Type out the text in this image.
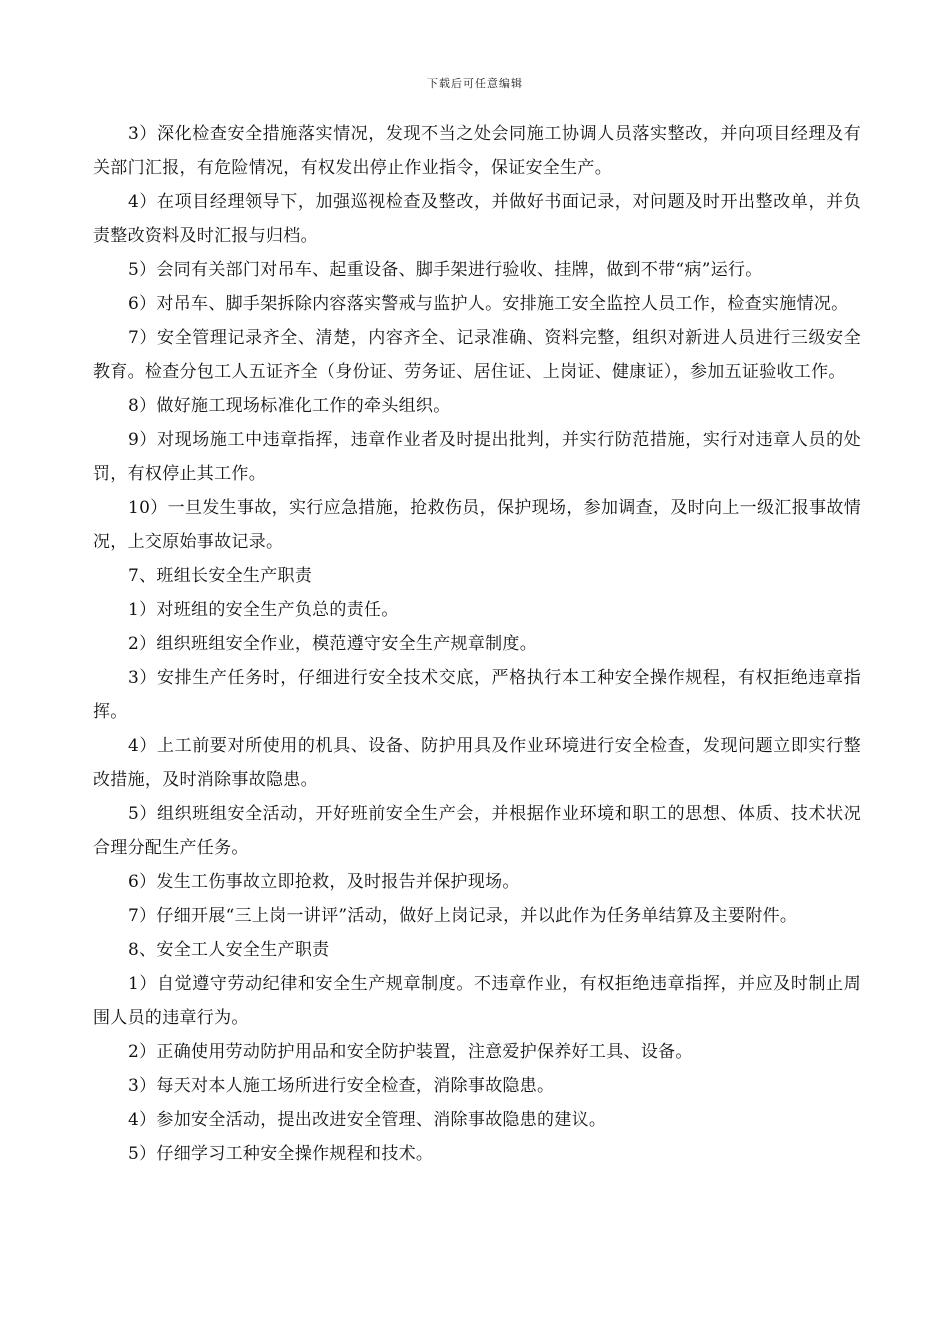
下载后可任意编辑

3）深化检查安全措施落实情况，发现不当之处会同施工协调人员落实整改，并向项目经理及有关部门汇报，有危险情况，有权发出停止作业指令，保证安全生产。

4）在项目经理领导下，加强巡视检查及整改，并做好书面记录，对问题及时开出整改单，并负责整改资料及时汇报与归档。

5）会同有关部门对吊车、起重设备、脚手架进行验收、挂牌，做到不带“病”运行。

6）对吊车、脚手架拆除内容落实警戒与监护人。安排施工安全监控人员工作，检查实施情况。

7）安全管理记录齐全、清楚，内容齐全、记录准确、资料完整，组织对新进人员进行三级安全教育。检查分包工人五证齐全（身份证、劳务证、居住证、上岗证、健康证），参加五证验收工作。

8）做好施工现场标准化工作的牵头组织。

9）对现场施工中违章指挥，违章作业者及时提出批判，并实行防范措施，实行对违章人员的处罚，有权停止其工作。

10）一旦发生事故，实行应急措施，抢救伤员，保护现场，参加调查，及时向上一级汇报事故情况，上交原始事故记录。

7、班组长安全生产职责

1）对班组的安全生产负总的责任。

2）组织班组安全作业，模范遵守安全生产规章制度。

3）安排生产任务时，仔细进行安全技术交底，严格执行本工种安全操作规程，有权拒绝违章指挥。

4）上工前要对所使用的机具、设备、防护用具及作业环境进行安全检查，发现问题立即实行整改措施，及时消除事故隐患。

5）组织班组安全活动，开好班前安全生产会，并根据作业环境和职工的思想、体质、技术状况合理分配生产任务。

6）发生工伤事故立即抢救，及时报告并保护现场。

7）仔细开展“三上岗一讲评”活动，做好上岗记录，并以此作为任务单结算及主要附件。

8、安全工人安全生产职责

1）自觉遵守劳动纪律和安全生产规章制度。不违章作业，有权拒绝违章指挥，并应及时制止周围人员的违章行为。

2）正确使用劳动防护用品和安全防护装置，注意爱护保养好工具、设备。

3）每天对本人施工场所进行安全检查，消除事故隐患。

4）参加安全活动，提出改进安全管理、消除事故隐患的建议。

5）仔细学习工种安全操作规程和技术。
